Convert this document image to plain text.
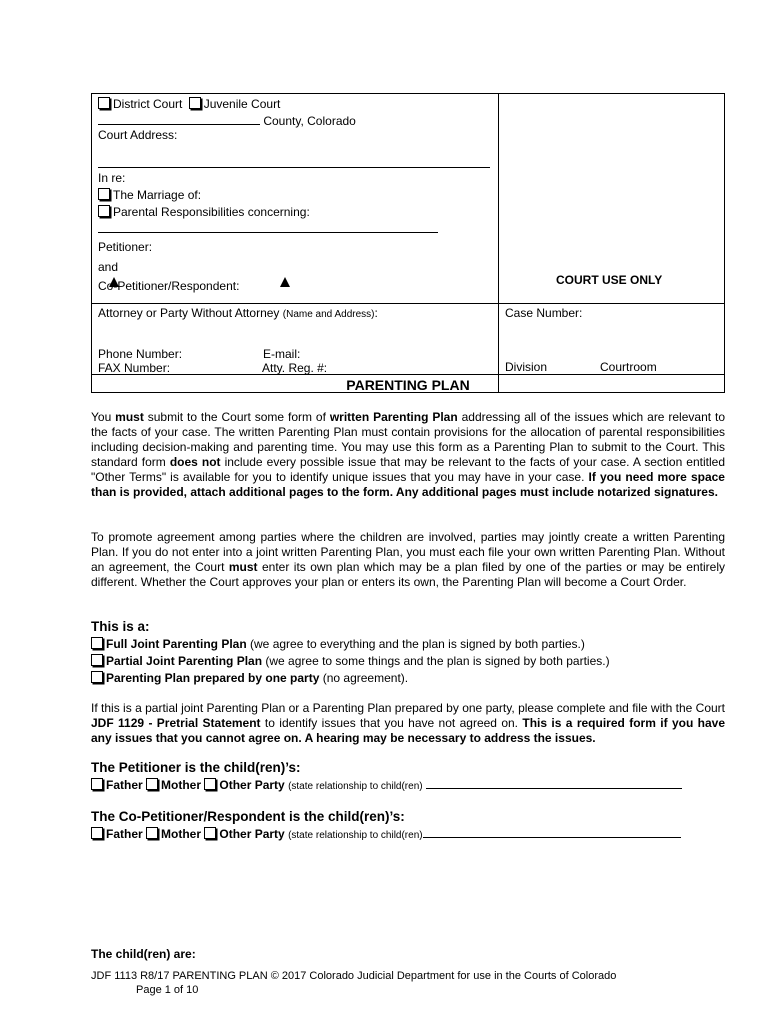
District Court Juvenile Court
County, Colorado
Court Address:
In re:
The Marriage of:
Parental Responsibilities concerning:
Petitioner:
and
Co-Petitioner/Respondent:	COURT USE ONLY
Attorney or Party Without Attorney (Name and Address):
Phone Number:	E-mail:
FAX Number:	Atty. Reg. #:
Case Number:
Division	Courtroom
PARENTING PLAN

You must submit to the Court some form of written Parenting Plan addressing all of the issues which are relevant to the facts of your case. The written Parenting Plan must contain provisions for the allocation of parental responsibilities including decision-making and parenting time. You may use this form as a Parenting Plan to submit to the Court. This standard form does not include every possible issue that may be relevant to the facts of your case. A section entitled "Other Terms" is available for you to identify unique issues that you may have in your case. If you need more space than is provided, attach additional pages to the form. Any additional pages must include notarized signatures.

To promote agreement among parties where the children are involved, parties may jointly create a written Parenting Plan. If you do not enter into a joint written Parenting Plan, you must each file your own written Parenting Plan. Without an agreement, the Court must enter its own plan which may be a plan filed by one of the parties or may be entirely different. Whether the Court approves your plan or enters its own, the Parenting Plan will become a Court Order.

This is a:
Full Joint Parenting Plan (we agree to everything and the plan is signed by both parties.)
Partial Joint Parenting Plan (we agree to some things and the plan is signed by both parties.)
Parenting Plan prepared by one party (no agreement).

If this is a partial joint Parenting Plan or a Parenting Plan prepared by one party, please complete and file with the Court JDF 1129 - Pretrial Statement to identify issues that you have not agreed on. This is a required form if you have any issues that you cannot agree on. A hearing may be necessary to address the issues.

The Petitioner is the child(ren)’s:
Father Mother Other Party (state relationship to child(ren)
The Co-Petitioner/Respondent is the child(ren)’s:
Father Mother Other Party (state relationship to child(ren)
The child(ren) are:
JDF 1113 R8/17 PARENTING PLAN © 2017 Colorado Judicial Department for use in the Courts of Colorado
Page 1 of 10
